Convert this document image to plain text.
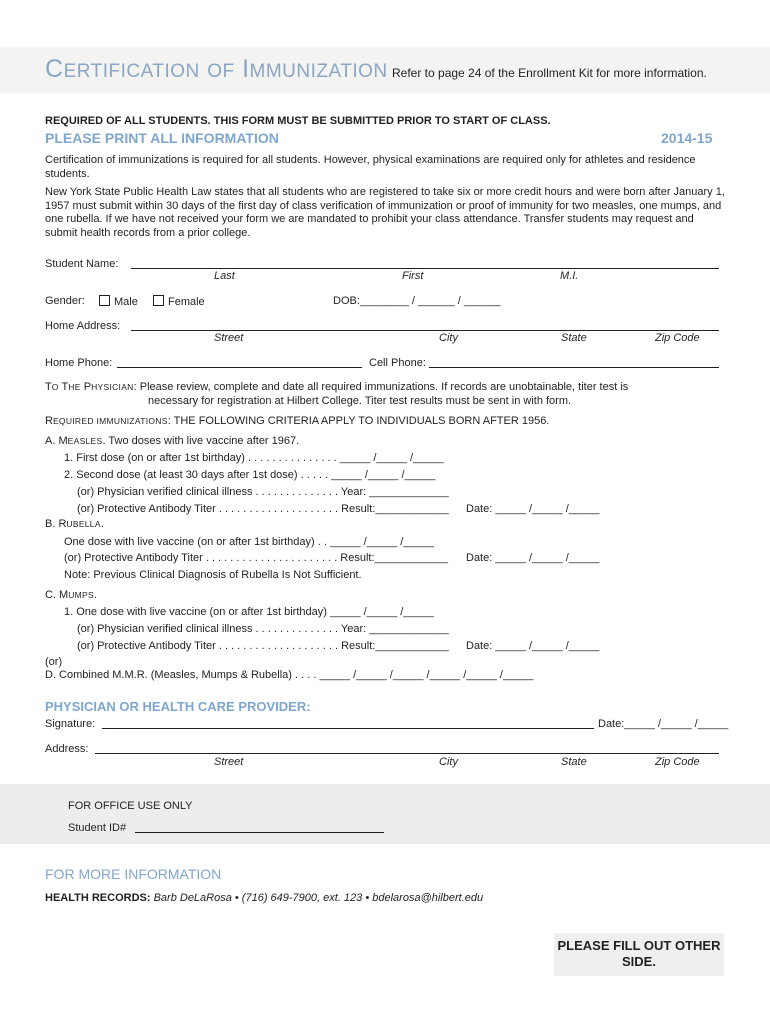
CERTIFICATION OF IMMUNIZATION Refer to page 24 of the Enrollment Kit for more information.
REQUIRED OF ALL STUDENTS. THIS FORM MUST BE SUBMITTED PRIOR TO START OF CLASS.
PLEASE PRINT ALL INFORMATION	2014-15
Certification of immunizations is required for all students. However, physical examinations are required only for athletes and residence students.
New York State Public Health Law states that all students who are registered to take six or more credit hours and were born after January 1, 1957 must submit within 30 days of the first day of class verification of immunization or proof of immunity for two measles, one mumps, and one rubella. If we have not received your form we are mandated to prohibit your class attendance. Transfer students may request and submit health records from a prior college.
Student Name:
Last	First	M.I.
Gender:	Male	Female	DOB:________ / ______ / ______
Home Address:
Street	City	State	Zip Code
Home Phone:	Cell Phone:
TO THE PHYSICIAN: Please review, complete and date all required immunizations. If records are unobtainable, titer test is
necessary for registration at Hilbert College. Titer test results must be sent in with form.
REQUIRED IMMUNIZATIONS: THE FOLLOWING CRITERIA APPLY TO INDIVIDUALS BORN AFTER 1956.
A. MEASLES. Two doses with live vaccine after 1967.
1. First dose (on or after 1st birthday) . . . . . . . . . . . . . . . _____ /_____ /_____
2. Second dose (at least 30 days after 1st dose) . . . . . _____ /_____ /_____
(or) Physician verified clinical illness . . . . . . . . . . . . . . Year: _____________
(or) Protective Antibody Titer . . . . . . . . . . . . . . . . . . . . Result:____________ Date: _____ /_____ /_____
B. RUBELLA.
One dose with live vaccine (on or after 1st birthday) . . _____ /_____ /_____
(or) Protective Antibody Titer . . . . . . . . . . . . . . . . . . . . . . Result:____________ Date: _____ /_____ /_____
Note: Previous Clinical Diagnosis of Rubella Is Not Sufficient.
C. MUMPS.
1. One dose with live vaccine (on or after 1st birthday) _____ /_____ /_____
(or) Physician verified clinical illness . . . . . . . . . . . . . . Year: _____________
(or) Protective Antibody Titer . . . . . . . . . . . . . . . . . . . . Result:____________ Date: _____ /_____ /_____
(or)
D. Combined M.M.R. (Measles, Mumps & Rubella) . . . . _____ /_____ /_____ /_____ /_____ /_____
PHYSICIAN OR HEALTH CARE PROVIDER:
Signature:	Date:_____ /_____ /_____
Address:
Street	City	State	Zip Code
FOR OFFICE USE ONLY
Student ID#
FOR MORE INFORMATION
HEALTH RECORDS: Barb DeLaRosa • (716) 649-7900, ext. 123 • bdelarosa@hilbert.edu
PLEASE FILL OUT OTHER
SIDE.
